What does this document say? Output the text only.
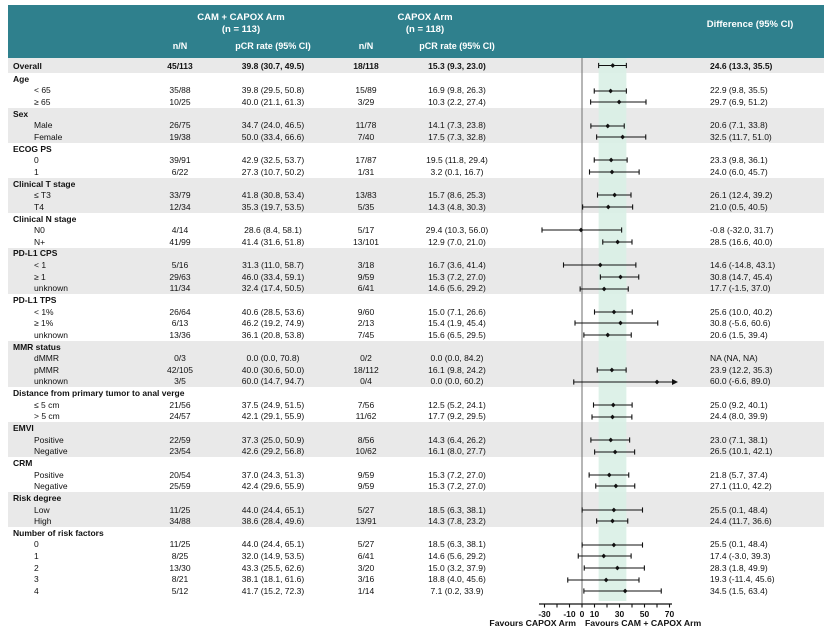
CAM + CAPOX Arm
(n = 113)
CAPOX Arm
(n = 118)	Difference (95% CI)
n/N	pCR rate (95% CI)	n/N	pCR rate (95% CI)
Overall	45/113	39.8 (30.7, 49.5)	18/118	15.3 (9.3, 23.0)	24.6 (13.3, 35.5)
Age
< 65	35/88	39.8 (29.5, 50.8)	15/89	16.9 (9.8, 26.3)	22.9 (9.8, 35.5)
≥ 65	10/25	40.0 (21.1, 61.3)	3/29	10.3 (2.2, 27.4)	29.7 (6.9, 51.2)
Sex
Male	26/75	34.7 (24.0, 46.5)	11/78	14.1 (7.3, 23.8)	20.6 (7.1, 33.8)
Female	19/38	50.0 (33.4, 66.6)	7/40	17.5 (7.3, 32.8)	32.5 (11.7, 51.0)
ECOG PS
0	39/91	42.9 (32.5, 53.7)	17/87	19.5 (11.8, 29.4)	23.3 (9.8, 36.1)
1	6/22	27.3 (10.7, 50.2)	1/31	3.2 (0.1, 16.7)	24.0 (6.0, 45.7)
Clinical T stage
≤ T3	33/79	41.8 (30.8, 53.4)	13/83	15.7 (8.6, 25.3)	26.1 (12.4, 39.2)
T4	12/34	35.3 (19.7, 53.5)	5/35	14.3 (4.8, 30.3)	21.0 (0.5, 40.5)
Clinical N stage
N0	4/14	28.6 (8.4, 58.1)	5/17	29.4 (10.3, 56.0)	-0.8 (-32.0, 31.7)
N+	41/99	41.4 (31.6, 51.8)	13/101	12.9 (7.0, 21.0)	28.5 (16.6, 40.0)
PD-L1 CPS
< 1	5/16	31.3 (11.0, 58.7)	3/18	16.7 (3.6, 41.4)	14.6 (-14.8, 43.1)
≥ 1	29/63	46.0 (33.4, 59.1)	9/59	15.3 (7.2, 27.0)	30.8 (14.7, 45.4)
unknown	11/34	32.4 (17.4, 50.5)	6/41	14.6 (5.6, 29.2)	17.7 (-1.5, 37.0)
PD-L1 TPS
< 1%	26/64	40.6 (28.5, 53.6)	9/60	15.0 (7.1, 26.6)	25.6 (10.0, 40.2)
≥ 1%	6/13	46.2 (19.2, 74.9)	2/13	15.4 (1.9, 45.4)	30.8 (-5.6, 60.6)
unknown	13/36	36.1 (20.8, 53.8)	7/45	15.6 (6.5, 29.5)	20.6 (1.5, 39.4)
MMR status
dMMR	0/3	0.0 (0.0, 70.8)	0/2	0.0 (0.0, 84.2)	NA (NA, NA)
pMMR	42/105	40.0 (30.6, 50.0)	18/112	16.1 (9.8, 24.2)	23.9 (12.2, 35.3)
unknown	3/5	60.0 (14.7, 94.7)	0/4	0.0 (0.0, 60.2)	60.0 (-6.6, 89.0)
Distance from primary tumor to anal verge
≤ 5 cm	21/56	37.5 (24.9, 51.5)	7/56	12.5 (5.2, 24.1)	25.0 (9.2, 40.1)
> 5 cm	24/57	42.1 (29.1, 55.9)	11/62	17.7 (9.2, 29.5)	24.4 (8.0, 39.9)
EMVI
Positive	22/59	37.3 (25.0, 50.9)	8/56	14.3 (6.4, 26.2)	23.0 (7.1, 38.1)
Negative	23/54	42.6 (29.2, 56.8)	10/62	16.1 (8.0, 27.7)	26.5 (10.1, 42.1)
CRM
Positive	20/54	37.0 (24.3, 51.3)	9/59	15.3 (7.2, 27.0)	21.8 (5.7, 37.4)
Negative	25/59	42.4 (29.6, 55.9)	9/59	15.3 (7.2, 27.0)	27.1 (11.0, 42.2)
Risk degree
Low	11/25	44.0 (24.4, 65.1)	5/27	18.5 (6.3, 38.1)	25.5 (0.1, 48.4)
High	34/88	38.6 (28.4, 49.6)	13/91	14.3 (7.8, 23.2)	24.4 (11.7, 36.6)
Number of risk factors
0	11/25	44.0 (24.4, 65.1)	5/27	18.5 (6.3, 38.1)	25.5 (0.1, 48.4)
1	8/25	32.0 (14.9, 53.5)	6/41	14.6 (5.6, 29.2)	17.4 (-3.0, 39.3)
2	13/30	43.3 (25.5, 62.6)	3/20	15.0 (3.2, 37.9)	28.3 (1.8, 49.9)
3	8/21	38.1 (18.1, 61.6)	3/16	18.8 (4.0, 45.6)	19.3 (-11.4, 45.6)
4	5/12	41.7 (15.2, 72.3)	1/14	7.1 (0.2, 33.9)	34.5 (1.5, 63.4)
-30 -10 0 10 30 50 70
Favours CAPOX Arm Favours CAM + CAPOX Arm
